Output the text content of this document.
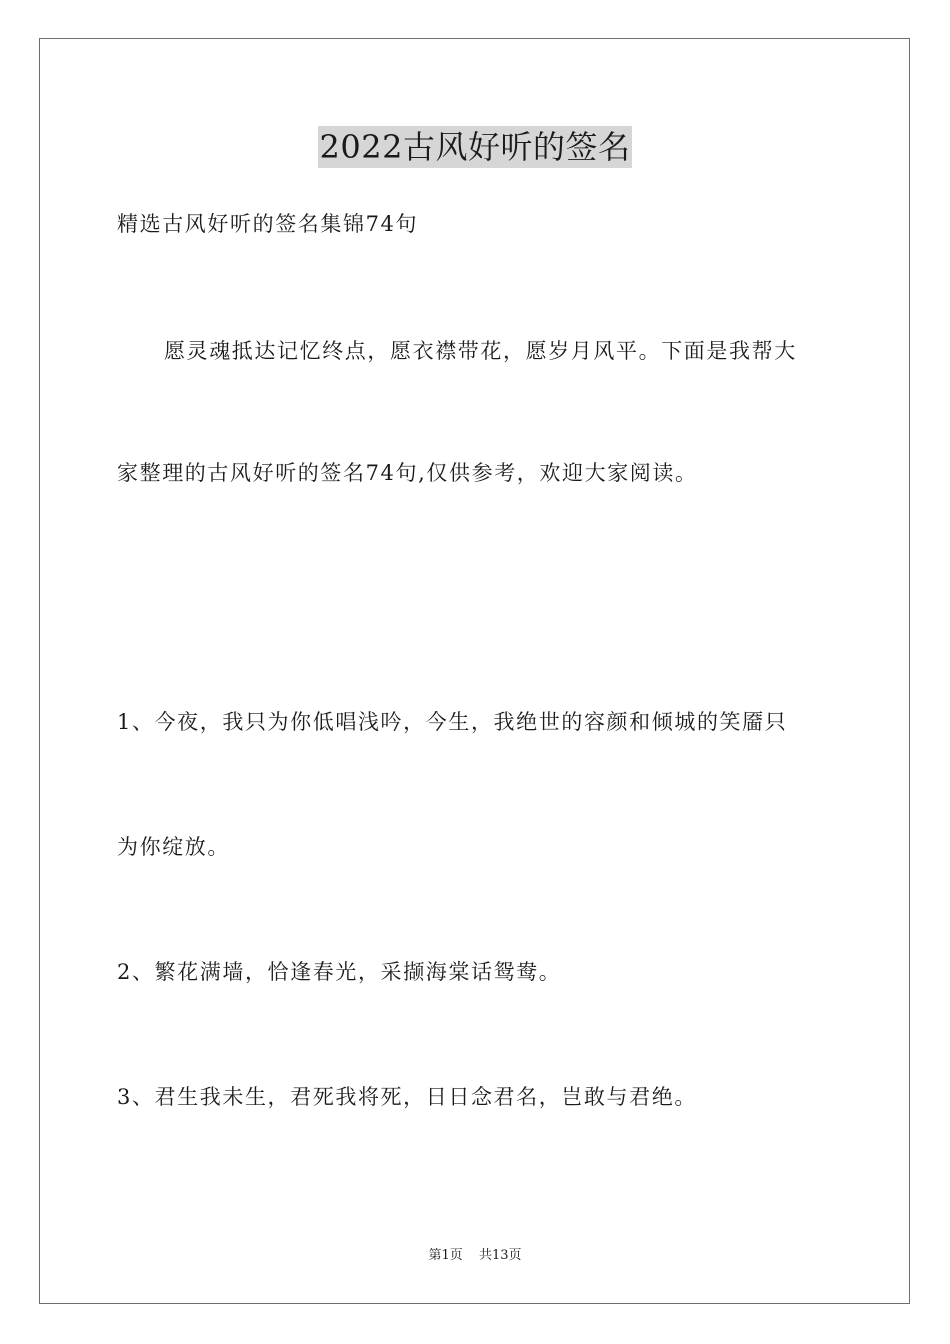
2022古风好听的签名
精选古风好听的签名集锦74句
愿灵魂抵达记忆终点，愿衣襟带花，愿岁月风平。下面是我帮大
家整理的古风好听的签名74句,仅供参考，欢迎大家阅读。
1、今夜，我只为你低唱浅吟，今生，我绝世的容颜和倾城的笑靥只
为你绽放。
2、繁花满墙，恰逢春光，采撷海棠话鸳鸯。
3、君生我未生，君死我将死，日日念君名，岂敢与君绝。
第1页 共13页
